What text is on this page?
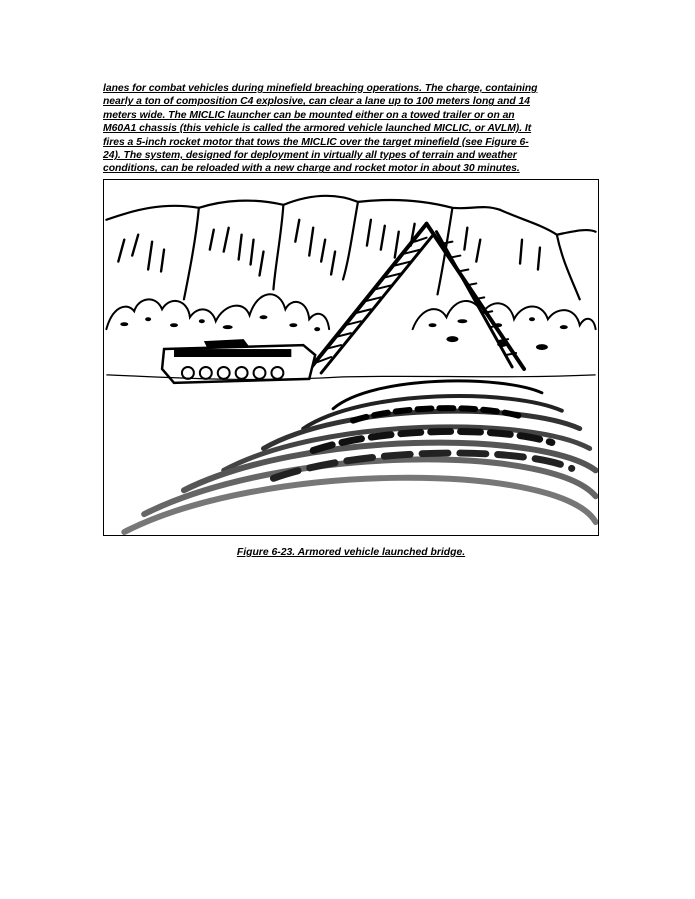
lanes for combat vehicles during minefield breaching operations. The charge, containing
nearly a ton of composition C4 explosive, can clear a lane up to 100 meters long and 14
meters wide. The MICLIC launcher can be mounted either on a towed trailer or on an
M60A1 chassis (this vehicle is called the armored vehicle launched MICLIC, or AVLM). It
fires a 5-inch rocket motor that tows the MICLIC over the target minefield (see Figure 6-
24). The system, designed for deployment in virtually all types of terrain and weather
conditions, can be reloaded with a new charge and rocket motor in about 30 minutes.
Figure 6-23. Armored vehicle launched bridge.
